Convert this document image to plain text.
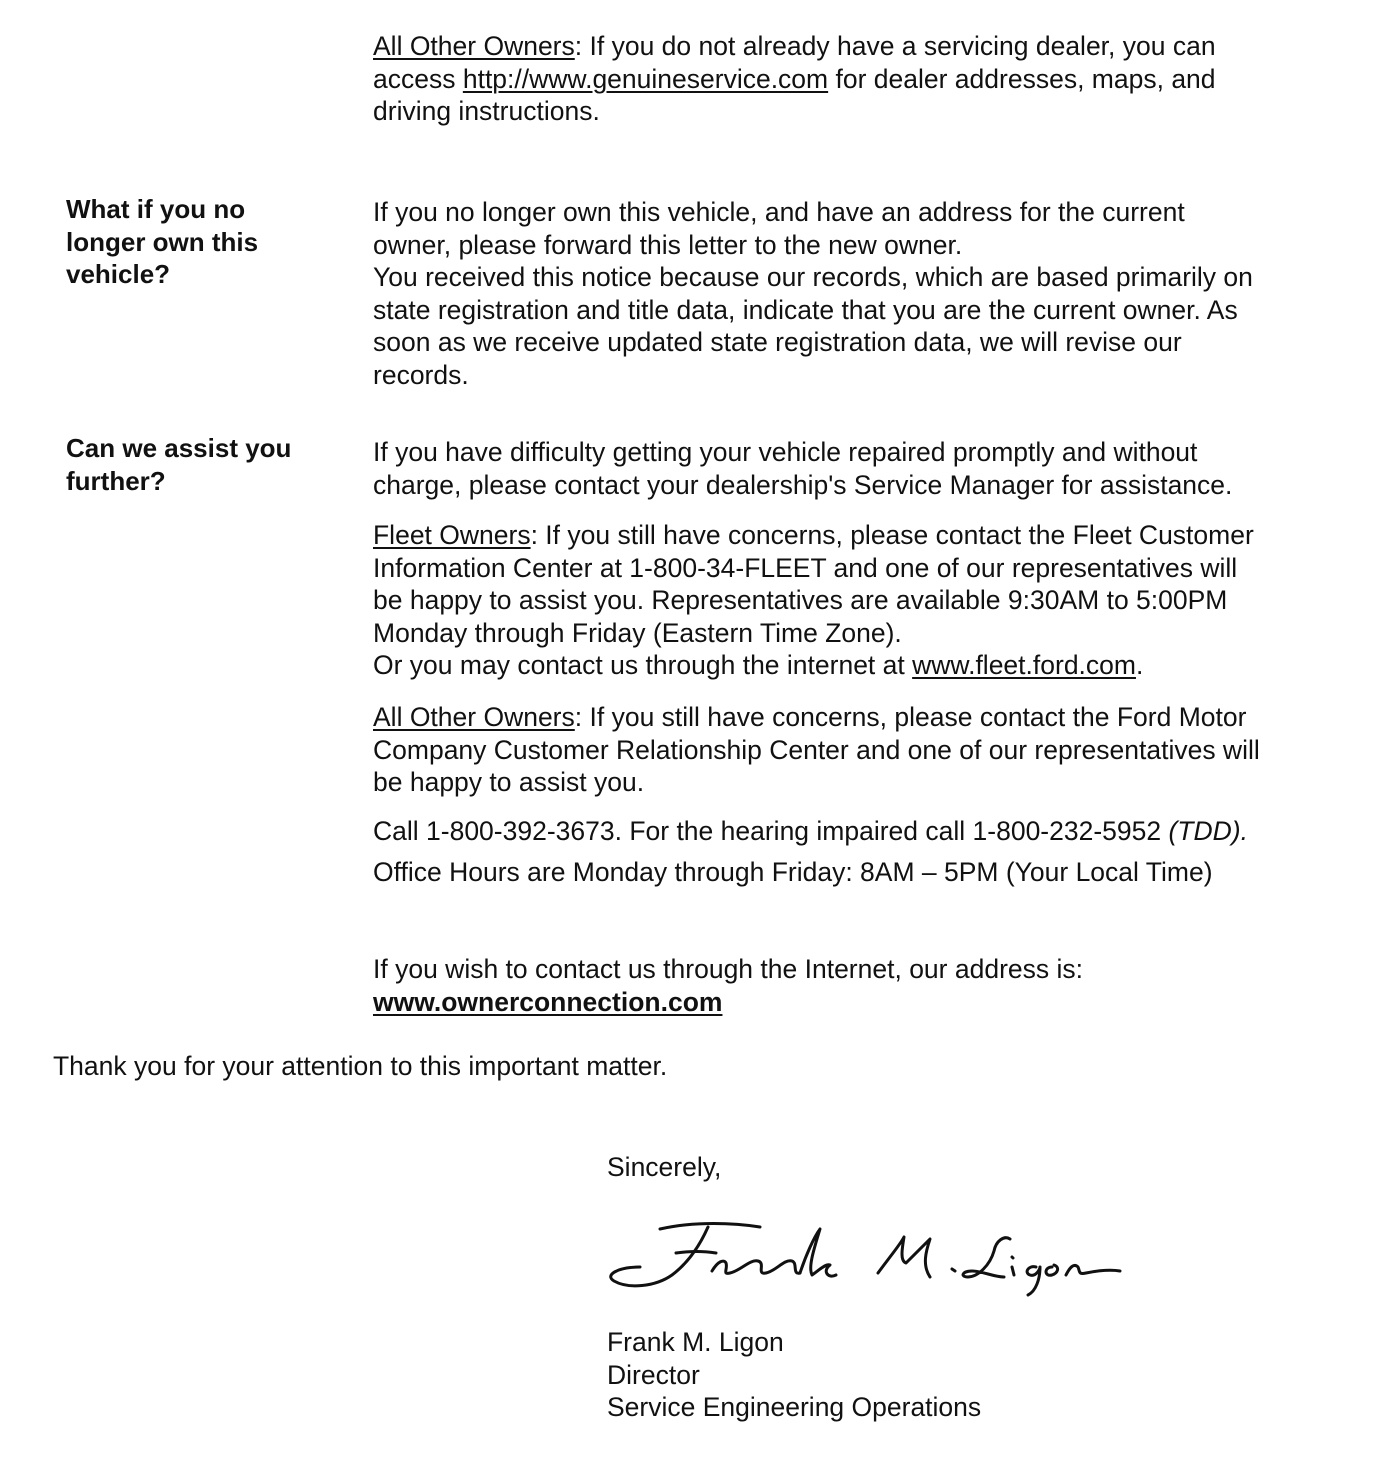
All Other Owners: If you do not already have a servicing dealer, you can

access http://www.genuineservice.com for dealer addresses, maps, and

driving instructions.

What if you no

longer own this

vehicle?

If you no longer own this vehicle, and have an address for the current

owner, please forward this letter to the new owner.

You received this notice because our records, which are based primarily on

state registration and title data, indicate that you are the current owner. As

soon as we receive updated state registration data, we will revise our

records.

Can we assist you

further?

If you have difficulty getting your vehicle repaired promptly and without

charge, please contact your dealership's Service Manager for assistance.

Fleet Owners: If you still have concerns, please contact the Fleet Customer

Information Center at 1-800-34-FLEET and one of our representatives will

be happy to assist you. Representatives are available 9:30AM to 5:00PM

Monday through Friday (Eastern Time Zone).

Or you may contact us through the internet at www.fleet.ford.com.

All Other Owners: If you still have concerns, please contact the Ford Motor

Company Customer Relationship Center and one of our representatives will

be happy to assist you.

Call 1-800-392-3673. For the hearing impaired call 1-800-232-5952 (TDD).

Office Hours are Monday through Friday: 8AM – 5PM (Your Local Time)

If you wish to contact us through the Internet, our address is:

www.ownerconnection.com

Thank you for your attention to this important matter.

Sincerely,

Frank M. Ligon

Director

Service Engineering Operations
